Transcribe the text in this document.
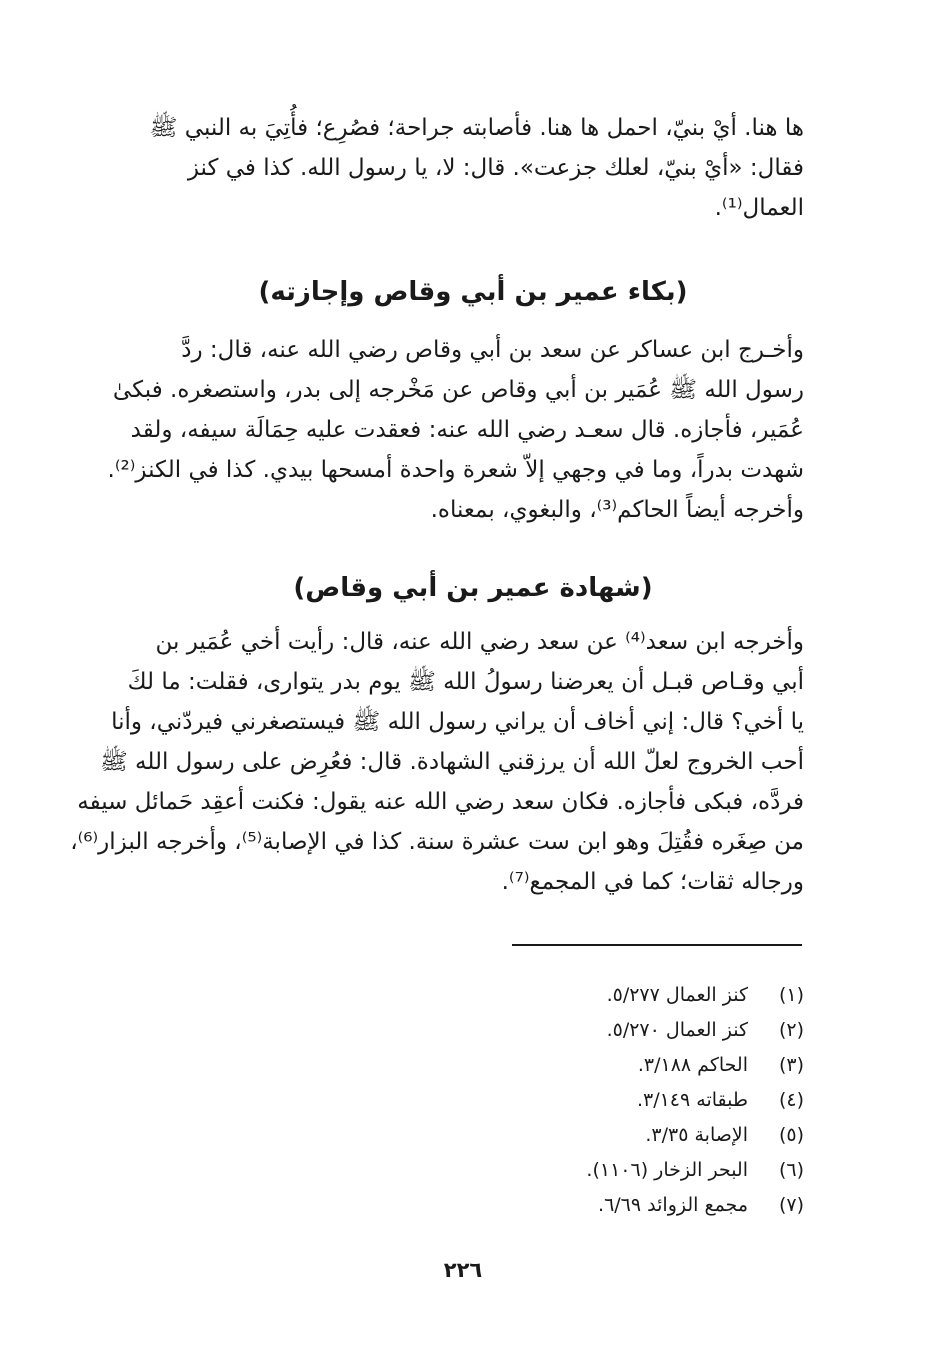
ها هنا. أيْ بنيّ، احمل ها هنا. فأصابته جراحة؛ فصُرِع؛ فأُتِيَ به النبي ﷺ
فقال: «أيْ بنيّ، لعلك جزعت». قال: لا، يا رسول الله. كذا في كنز
العمال⁽¹⁾.
(بكاء عمير بن أبي وقاص وإجازته)
وأخـرج ابن عساكر عن سعد بن أبي وقاص رضي الله عنه، قال: ردَّ
رسول الله ﷺ عُمَير بن أبي وقاص عن مَخْرجه إلى بدر، واستصغره. فبكىٰ
عُمَير، فأجازه. قال سعـد رضي الله عنه: فعقدت عليه حِمَالَة سيفه، ولقد
شهدت بدراً، وما في وجهي إلاّ شعرة واحدة أمسحها بيدي. كذا في الكنز⁽²⁾.
وأخرجه أيضاً الحاكم⁽³⁾، والبغوي، بمعناه.
(شهادة عمير بن أبي وقاص)
وأخرجه ابن سعد⁽⁴⁾ عن سعد رضي الله عنه، قال: رأيت أخي عُمَير بن
أبي وقـاص قبـل أن يعرضنا رسولُ الله ﷺ يوم بدر يتوارى، فقلت: ما لكَ
يا أخي؟ قال: إني أخاف أن يراني رسول الله ﷺ فيستصغرني فيردّني، وأنا
أحب الخروج لعلّ الله أن يرزقني الشهادة. قال: فعُرِض على رسول الله ﷺ
فردَّه، فبكى فأجازه. فكان سعد رضي الله عنه يقول: فكنت أعقِد حَمائل سيفه
من صِغَره فقُتِلَ وهو ابن ست عشرة سنة. كذا في الإصابة⁽⁵⁾، وأخرجه البزار⁽⁶⁾،
ورجاله ثقات؛ كما في المجمع⁽⁷⁾.
(١)
كنز العمال ٥/٢٧٧.
(٢)
كنز العمال ٥/٢٧٠.
(٣)
الحاكم ٣/١٨٨.
(٤)
طبقاته ٣/١٤٩.
(٥)
الإصابة ٣/٣٥.
(٦)
البحر الزخار (١١٠٦).
(٧)
مجمع الزوائد ٦/٦٩.
٢٢٦
